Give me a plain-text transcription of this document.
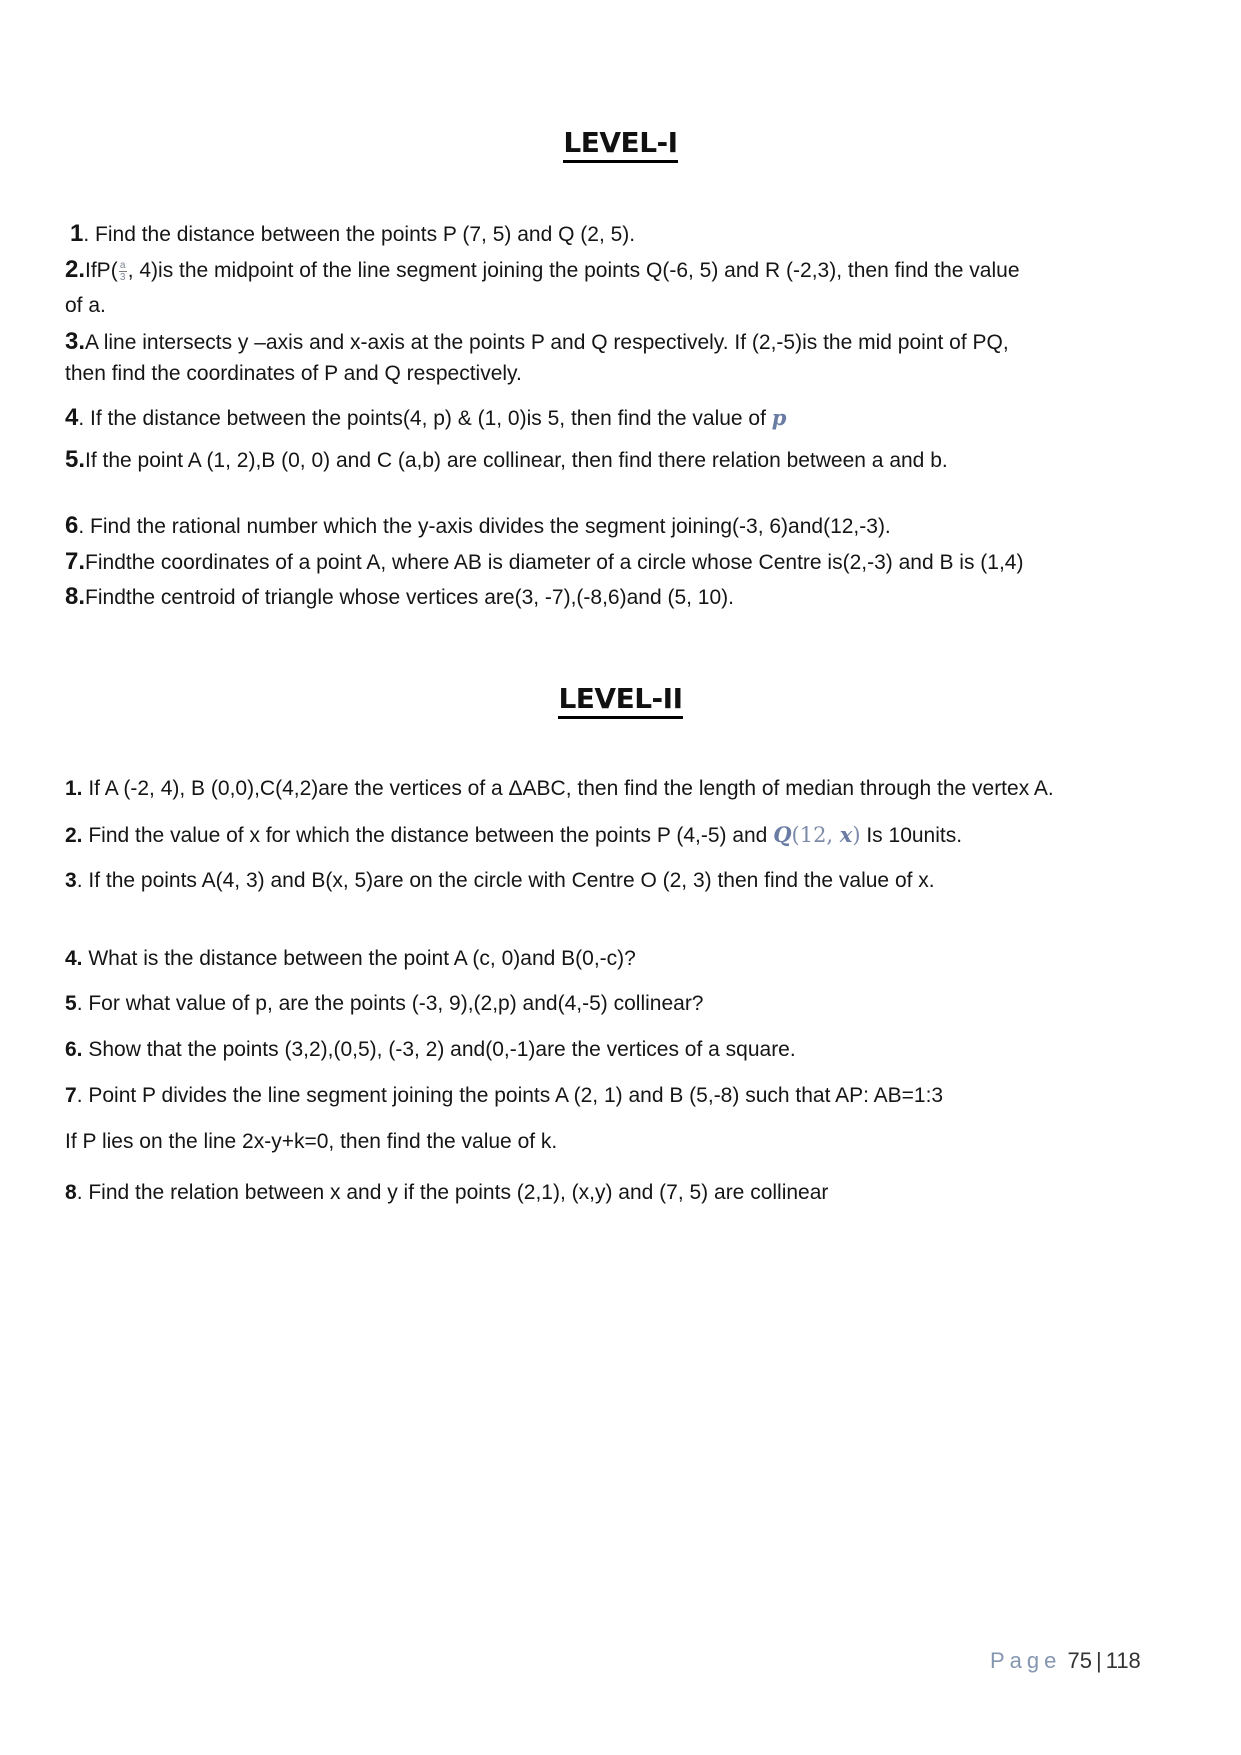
LEVEL-I
1. Find the distance between the points P (7, 5) and Q (2, 5).
$2.IfP(\frac{a}{3}$, 4)is the midpoint of the line segment joining the points Q(-6, 5) and R (-2,3), then find the value
of a.
3.A line intersects y –axis and x-axis at the points P and Q respectively. If (2,-5)is the mid point of PQ,
then find the coordinates of P and Q respectively.
4. If the distance between the points(4, p) & (1, 0)is 5, then find the value of p
5.If the point A (1, 2),B (0, 0) and C (a,b) are collinear, then find there relation between a and b.
6. Find the rational number which the y-axis divides the segment joining(-3, 6)and(12,-3).
7.Findthe coordinates of a point A, where AB is diameter of a circle whose Centre is(2,-3) and B is (1,4)
8.Findthe centroid of triangle whose vertices are(3, -7),(-8,6)and (5, 10).
LEVEL-II
1. If A (-2, 4), B (0,0),C(4,2)are the vertices of a ΔABC, then find the length of median through the vertex A.
2. Find the value of x for which the distance between the points P (4,-5) and Q(12, x) Is 10units.
3. If the points A(4, 3) and B(x, 5)are on the circle with Centre O (2, 3) then find the value of x.
4. What is the distance between the point A (c, 0)and B(0,-c)?
5. For what value of p, are the points (-3, 9),(2,p) and(4,-5) collinear?
6. Show that the points (3,2),(0,5), (-3, 2) and(0,-1)are the vertices of a square.
7. Point P divides the line segment joining the points A (2, 1) and B (5,-8) such that AP: AB=1:3
If P lies on the line 2x-y+k=0, then find the value of k.
8. Find the relation between x and y if the points (2,1), (x,y) and (7, 5) are collinear
Page 75 | 118
